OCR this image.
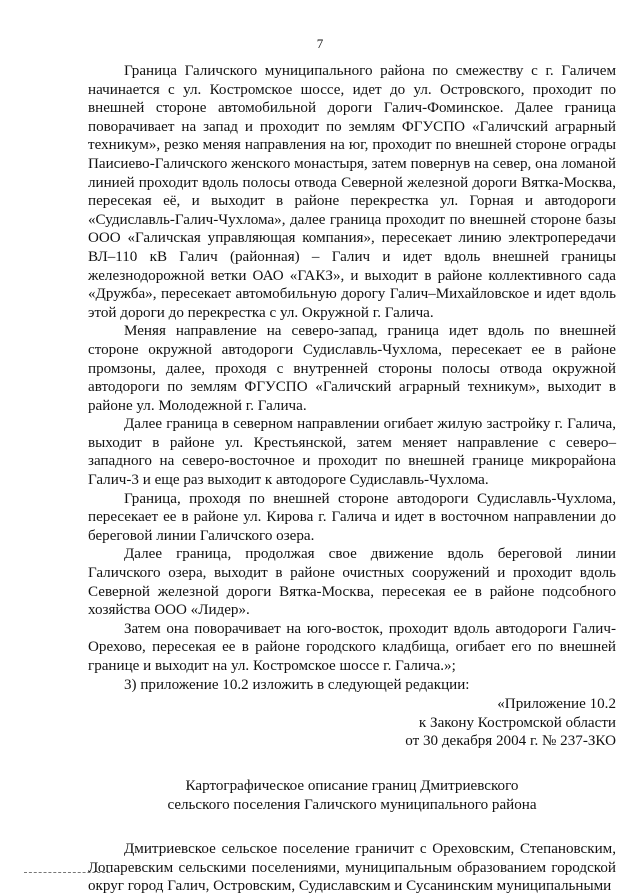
7

Граница Галичского муниципального района по смежеству с г. Галичем начинается с ул. Костромское шоссе, идет до ул. Островского, проходит по внешней стороне автомобильной дороги Галич-Фоминское. Далее граница поворачивает на запад и проходит по землям ФГУСПО «Галичский аграрный техникум», резко меняя направления на юг, проходит по внешней стороне ограды Паисиево-Галичского женского монастыря, затем повернув на север, она ломаной линией проходит вдоль полосы отвода Северной железной дороги Вятка-Москва, пересекая её, и выходит в районе перекрестка ул. Горная и автодороги «Судиславль-Галич-Чухлома», далее граница проходит по внешней стороне базы ООО «Галичская управляющая компания», пересекает линию электропередачи ВЛ–110 кВ Галич (районная) – Галич и идет вдоль внешней границы железнодорожной ветки ОАО «ГАКЗ», и выходит в районе коллективного сада «Дружба», пересекает автомобильную дорогу Галич–Михайловское и идет вдоль этой дороги до перекрестка с ул. Окружной г. Галича.

Меняя направление на северо-запад, граница идет вдоль по внешней стороне окружной автодороги Судиславль-Чухлома, пересекает ее в районе промзоны, далее, проходя с внутренней стороны полосы отвода окружной автодороги по землям ФГУСПО «Галичский аграрный техникум», выходит в районе ул. Молодежной г. Галича.

Далее граница в северном направлении огибает жилую застройку г. Галича, выходит в районе ул. Крестьянской, затем меняет направление с северо–западного на северо-восточное и проходит по внешней границе микрорайона Галич-3 и еще раз выходит к автодороге Судиславль-Чухлома.

Граница, проходя по внешней стороне автодороги Судиславль-Чухлома, пересекает ее в районе ул. Кирова г. Галича и идет в восточном направлении до береговой линии Галичского озера.

Далее граница, продолжая свое движение вдоль береговой линии Галичского озера, выходит в районе очистных сооружений и проходит вдоль Северной железной дороги Вятка-Москва, пересекая ее в районе подсобного хозяйства ООО «Лидер».

Затем она поворачивает на юго-восток, проходит вдоль автодороги Галич-Орехово, пересекая ее в районе городского кладбища, огибает его по внешней границе и выходит на ул. Костромское шоссе г. Галича.»;

3) приложение 10.2 изложить в следующей редакции:

«Приложение 10.2
к Закону Костромской области
от 30 декабря 2004 г. № 237-ЗКО

Картографическое описание границ Дмитриевского
сельского поселения Галичского муниципального района

Дмитриевское сельское поселение граничит с Ореховским, Степановским, Лопаревским сельскими поселениями, муниципальным образованием городской округ город Галич, Островским, Судиславским и Сусанинским муниципальными
